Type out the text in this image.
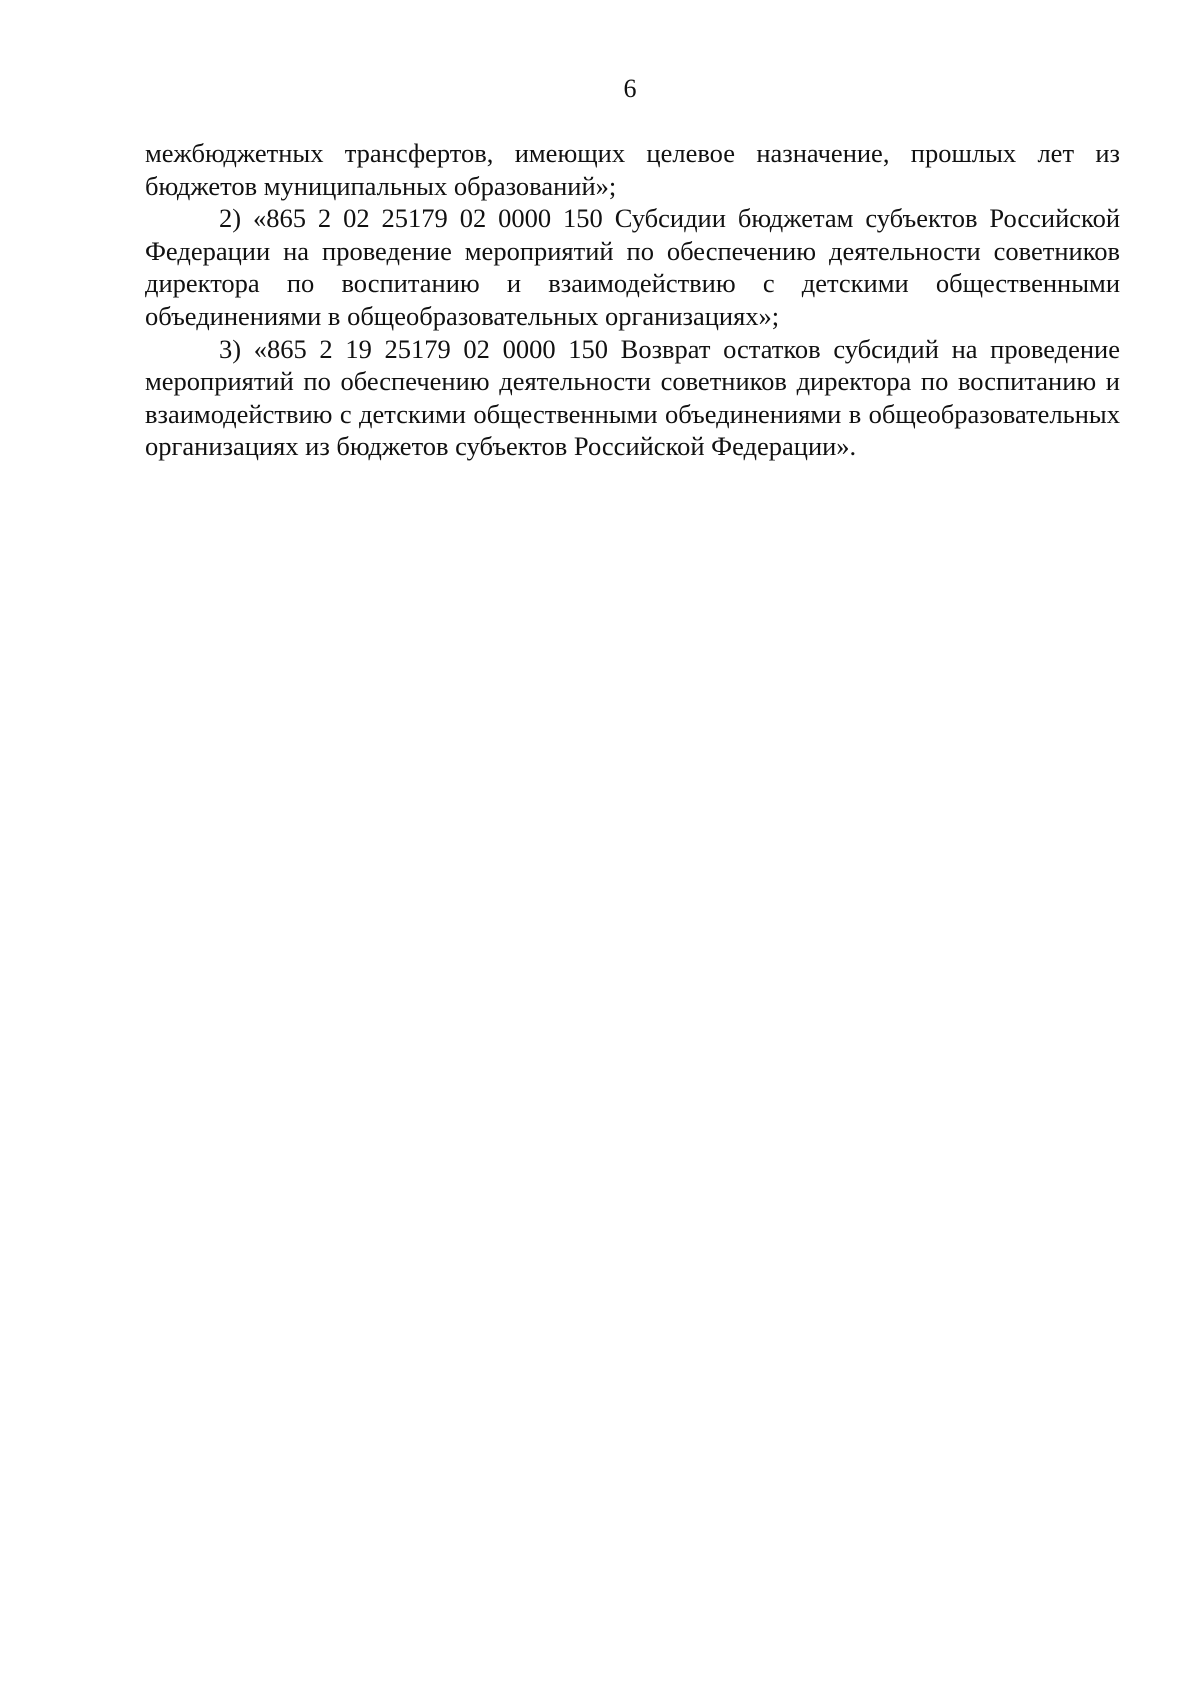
6

межбюджетных трансфертов, имеющих целевое назначение, прошлых лет из бюджетов муниципальных образований»;

2) «865 2 02 25179 02 0000 150 Субсидии бюджетам субъектов Российской Федерации на проведение мероприятий по обеспечению деятельности советников директора по воспитанию и взаимодействию с детскими общественными объединениями в общеобразовательных организациях»;

3) «865 2 19 25179 02 0000 150 Возврат остатков субсидий на проведение мероприятий по обеспечению деятельности советников директора по воспитанию и взаимодействию с детскими общественными объединениями в общеобразовательных организациях из бюджетов субъектов Российской Федерации».
